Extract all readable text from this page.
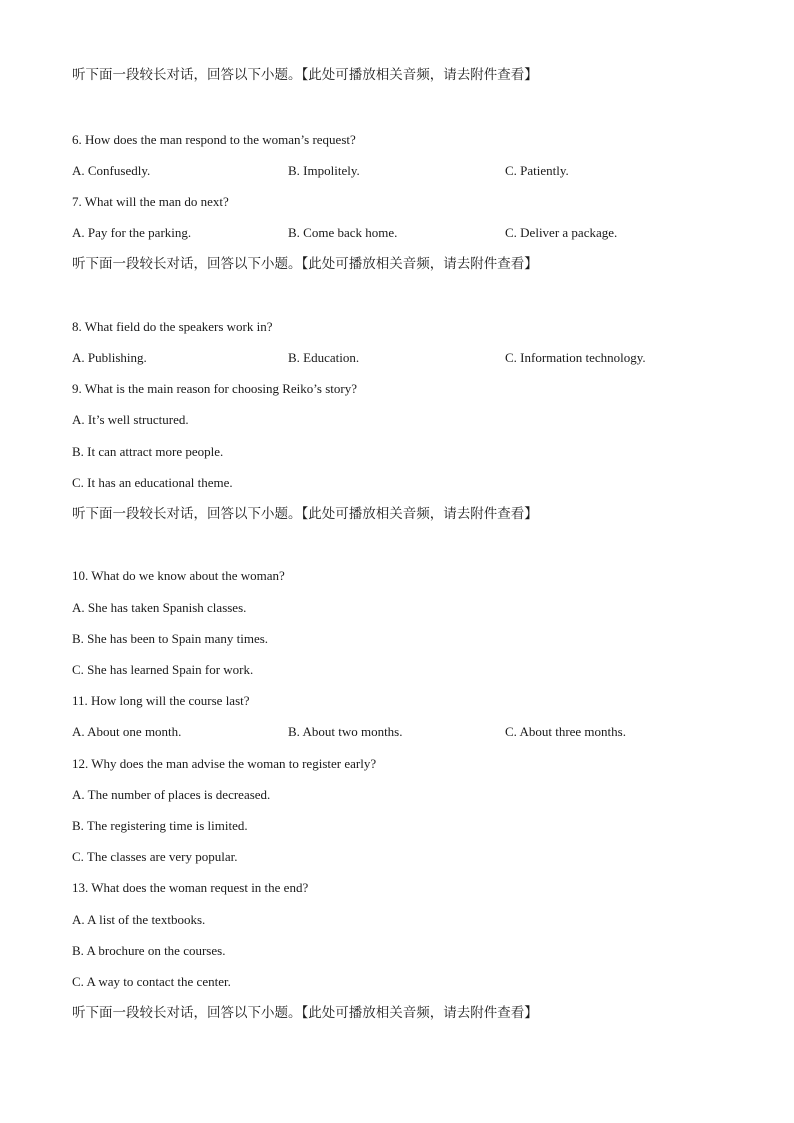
听下面一段较长对话，回答以下小题。【此处可播放相关音频，请去附件查看】
6. How does the man respond to the woman’s request?
A. Confusedly.	B. Impolitely.	C. Patiently.
7. What will the man do next?
A. Pay for the parking.	B. Come back home.	C. Deliver a package.
听下面一段较长对话，回答以下小题。【此处可播放相关音频，请去附件查看】
8. What field do the speakers work in?
A. Publishing.	B. Education.	C. Information technology.
9. What is the main reason for choosing Reiko’s story?
A. It’s well structured.
B. It can attract more people.
C. It has an educational theme.
听下面一段较长对话，回答以下小题。【此处可播放相关音频，请去附件查看】
10. What do we know about the woman?
A. She has taken Spanish classes.
B. She has been to Spain many times.
C. She has learned Spain for work.
11. How long will the course last?
A. About one month.	B. About two months.	C. About three months.
12. Why does the man advise the woman to register early?
A. The number of places is decreased.
B. The registering time is limited.
C. The classes are very popular.
13. What does the woman request in the end?
A. A list of the textbooks.
B. A brochure on the courses.
C. A way to contact the center.
听下面一段较长对话，回答以下小题。【此处可播放相关音频，请去附件查看】
